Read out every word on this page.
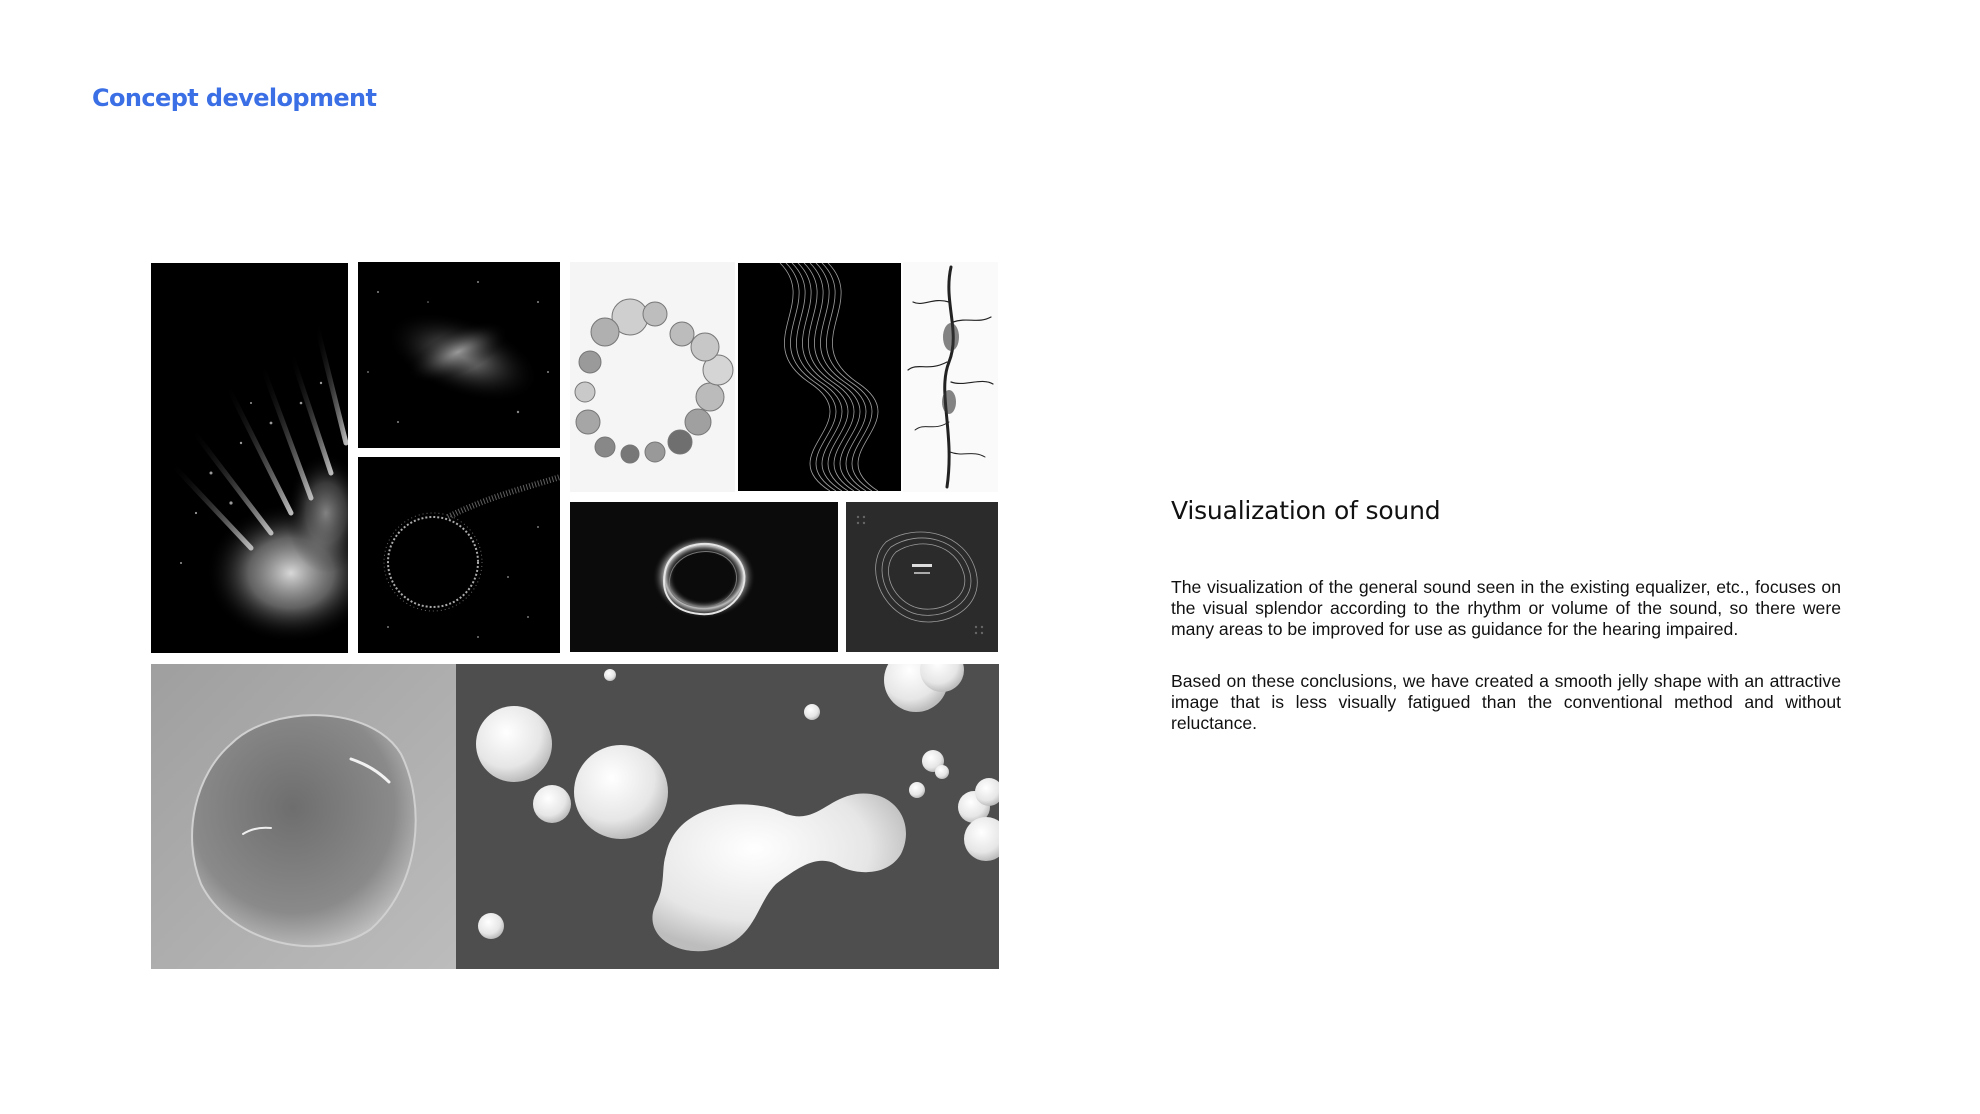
Concept development
Visualization of sound

The visualization of the general sound seen in the existing equalizer, etc., focuses on the visual splendor according to the rhythm or volume of the sound, so there were many areas to be improved for use as guidance for the hearing impaired.

Based on these conclusions, we have created a smooth jelly shape with an attractive image that is less visually fatigued than the conventional method and without reluctance.
